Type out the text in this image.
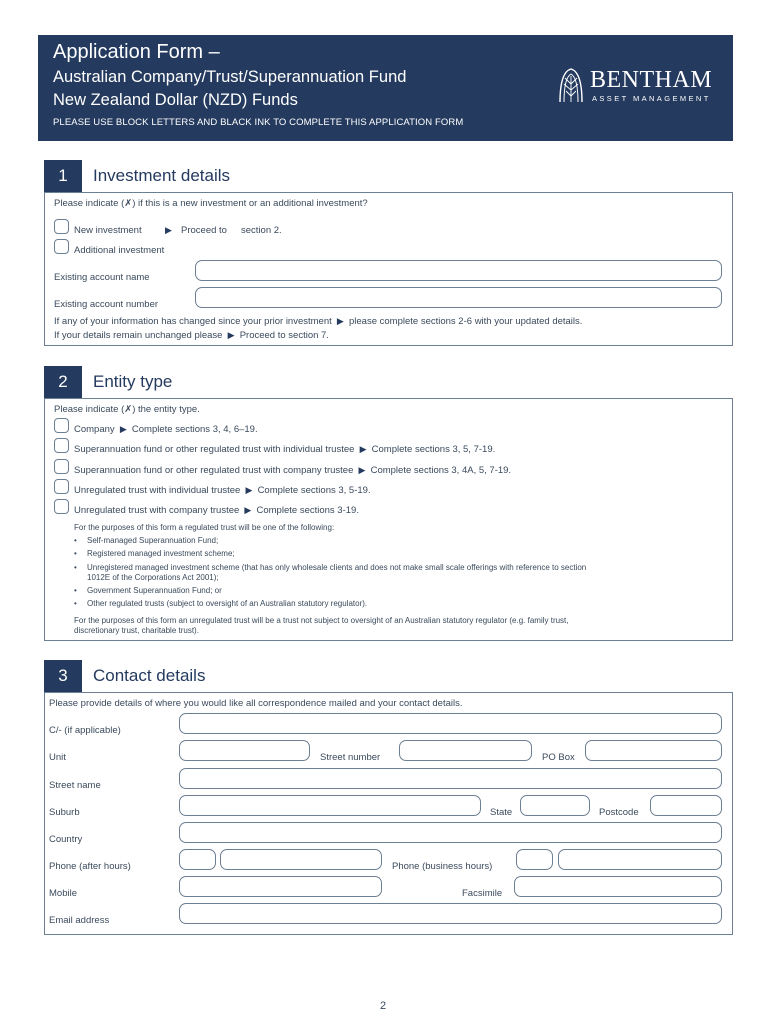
Application Form –
Australian Company/Trust/Superannuation Fund
New Zealand Dollar (NZD) Funds
PLEASE USE BLOCK LETTERS AND BLACK INK TO COMPLETE THIS APPLICATION FORM
BENTHAM
ASSET MANAGEMENT
1	Investment details
Please indicate (✗) if this is a new investment or an additional investment?
New investment	▶ Proceed to section 2.
Additional investment
Existing account name
Existing account number
If any of your information has changed since your prior investment  ▶  please complete sections 2-6 with your updated details.
If your details remain unchanged please  ▶  Proceed to section 7.
2	Entity type
Please indicate (✗) the entity type.
Company  ▶  Complete sections 3, 4, 6–19.
Superannuation fund or other regulated trust with individual trustee  ▶  Complete sections 3, 5, 7-19.
Superannuation fund or other regulated trust with company trustee  ▶  Complete sections 3, 4A, 5, 7-19.
Unregulated trust with individual trustee  ▶  Complete sections 3, 5-19.
Unregulated trust with company trustee  ▶  Complete sections 3-19.
For the purposes of this form a regulated trust will be one of the following:
• Self-managed Superannuation Fund;
• Registered managed investment scheme;
• Unregistered managed investment scheme (that has only wholesale clients and does not make small scale offerings with reference to section
1012E of the Corporations Act 2001);
• Government Superannuation Fund; or
• Other regulated trusts (subject to oversight of an Australian statutory regulator).
For the purposes of this form an unregulated trust will be a trust not subject to oversight of an Australian statutory regulator (e.g. family trust,
discretionary trust, charitable trust).
3	Contact details
Please provide details of where you would like all correspondence mailed and your contact details.
C/- (if applicable)
Unit	Street number	PO Box
Street name
Suburb	State	Postcode
Country
Phone (after hours)	Phone (business hours)
Mobile	Facsimile
Email address
2
